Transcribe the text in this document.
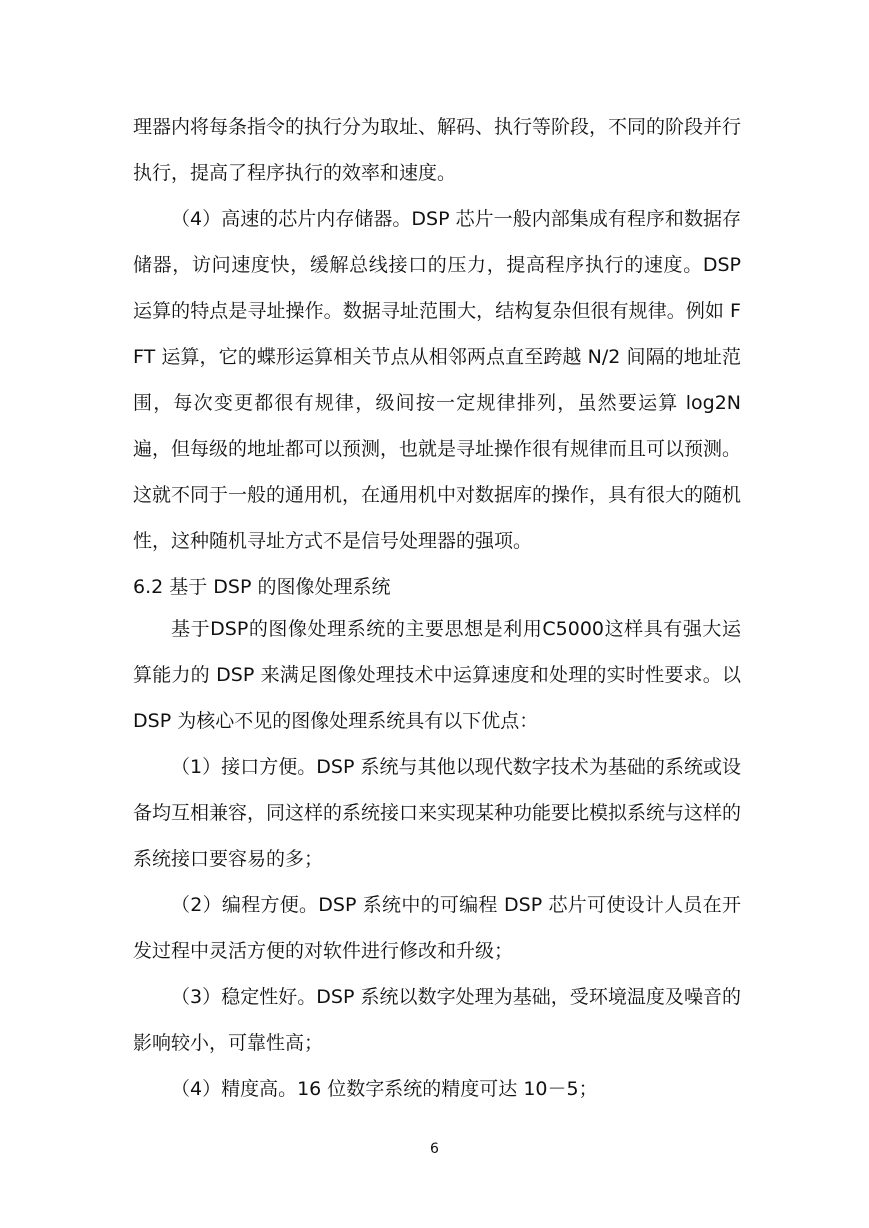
理器内将每条指令的执行分为取址、解码、执行等阶段，不同的阶段并行执行，提高了程序执行的效率和速度。

（4）高速的芯片内存储器。DSP 芯片一般内部集成有程序和数据存储器，访问速度快，缓解总线接口的压力，提高程序执行的速度。DSP 运算的特点是寻址操作。数据寻址范围大，结构复杂但很有规律。例如 FFT 运算，它的蝶形运算相关节点从相邻两点直至跨越 N/2 间隔的地址范围，每次变更都很有规律，级间按一定规律排列，虽然要运算 log2N 遍，但每级的地址都可以预测，也就是寻址操作很有规律而且可以预测。这就不同于一般的通用机，在通用机中对数据库的操作，具有很大的随机性，这种随机寻址方式不是信号处理器的强项。

6.2 基于 DSP 的图像处理系统

基于DSP的图像处理系统的主要思想是利用C5000这样具有强大运算能力的 DSP 来满足图像处理技术中运算速度和处理的实时性要求。以 DSP 为核心不见的图像处理系统具有以下优点：

（1）接口方便。DSP 系统与其他以现代数字技术为基础的系统或设备均互相兼容，同这样的系统接口来实现某种功能要比模拟系统与这样的系统接口要容易的多；

（2）编程方便。DSP 系统中的可编程 DSP 芯片可使设计人员在开发过程中灵活方便的对软件进行修改和升级；

（3）稳定性好。DSP 系统以数字处理为基础，受环境温度及噪音的影响较小，可靠性高；

（4）精度高。16 位数字系统的精度可达 10－5；

6
